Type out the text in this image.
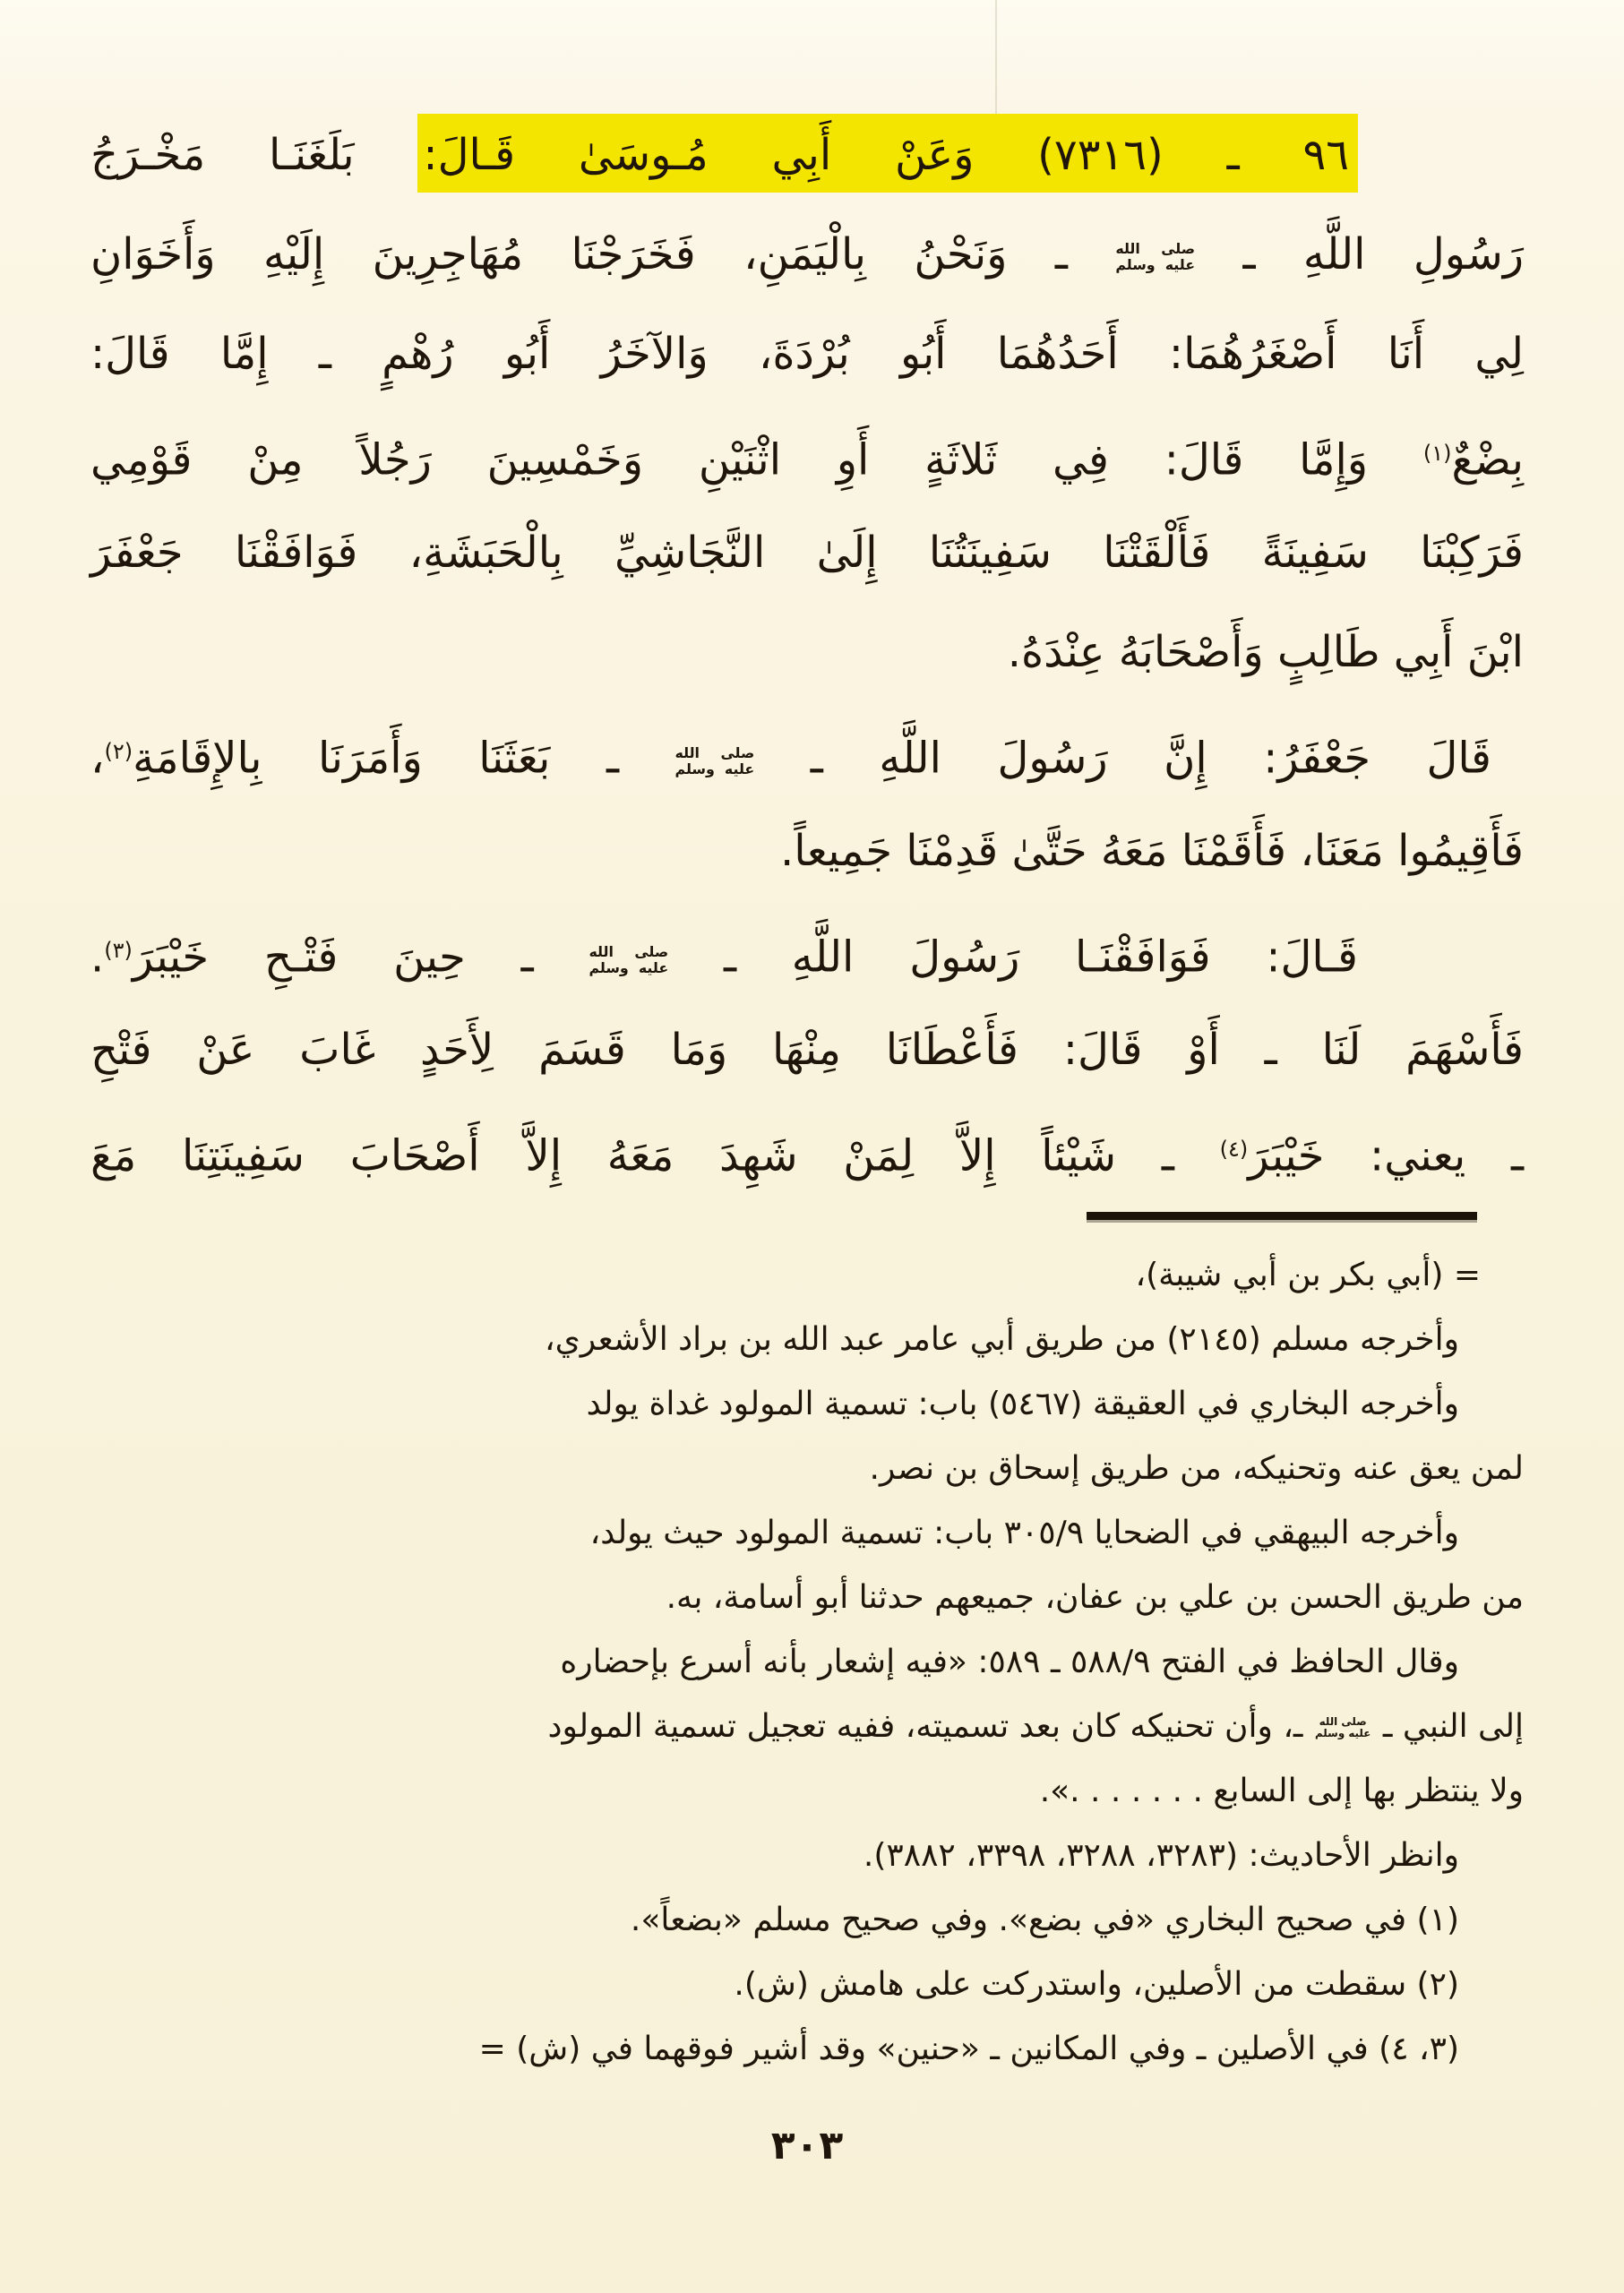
٩٦ ـ (٧٣١٦) وَعَنْ أَبِي مُـوسَىٰ قَـالَ: بَلَغَنَـا مَخْـرَجُ
رَسُولِ اللَّهِ ـ
صلى الله
عليه وسلم
ـ وَنَحْنُ بِالْيَمَنِ، فَخَرَجْنَا مُهَاجِرِينَ إِلَيْهِ وَأَخَوَانِ
لِي أَنَا أَصْغَرُهُمَا: أَحَدُهُمَا أَبُو بُرْدَةَ، وَالآخَرُ أَبُو رُهْمٍ ـ إِمَّا قَالَ:
بِضْعٌ$^{(١)}$ وَإِمَّا قَالَ: فِي ثَلاثَةٍ أَوِ اثْنَيْنِ وَخَمْسِينَ رَجُلاً مِنْ قَوْمِي
فَرَكِبْنَا سَفِينَةً فَأَلْقَتْنَا سَفِينَتُنَا إِلَىٰ النَّجَاشِيِّ بِالْحَبَشَةِ، فَوَافَقْنَا جَعْفَرَ
ابْنَ أَبِي طَالِبٍ وَأَصْحَابَهُ عِنْدَهُ.
قَالَ جَعْفَرُ: إِنَّ رَسُولَ اللَّهِ ـ
صلى الله
عليه وسلم
ـ بَعَثَنَا وَأَمَرَنَا بِالإِقَامَةِ$^{(٢)}$،
فَأَقِيمُوا مَعَنَا، فَأَقَمْنَا مَعَهُ حَتَّىٰ قَدِمْنَا جَمِيعاً.
قَـالَ: فَوَافَقْنَـا رَسُولَ اللَّهِ ـ
صلى الله
عليه وسلم
ـ حِينَ فَتْـحِ خَيْبَرَ$^{(٣)}$.
فَأَسْهَمَ لَنَا ـ أَوْ قَالَ: فَأَعْطَانَا مِنْهَا وَمَا قَسَمَ لِأَحَدٍ غَابَ عَنْ فَتْحِ
ـ يعني: خَيْبَرَ$^{(٤)}$ ـ شَيْئاً إِلاَّ لِمَنْ شَهِدَ مَعَهُ إِلاَّ أَصْحَابَ سَفِينَتِنَا مَعَ
= (أبي بكر بن أبي شيبة)،
وأخرجه مسلم (٢١٤٥) من طريق أبي عامر عبد الله بن براد الأشعري،
وأخرجه البخاري في العقيقة (٥٤٦٧) باب: تسمية المولود غداة يولد
لمن يعق عنه وتحنيكه، من طريق إسحاق بن نصر.
وأخرجه البيهقي في الضحايا ٣٠٥/٩ باب: تسمية المولود حيث يولد،
من طريق الحسن بن علي بن عفان، جميعهم حدثنا أبو أسامة، به.
وقال الحافظ في الفتح ٥٨٨/٩ ـ ٥٨٩: «فيه إشعار بأنه أسرع بإحضاره
إلى النبي ـ
صلى الله
عليه وسلم
ـ، وأن تحنيكه كان بعد تسميته، ففيه تعجيل تسمية المولود
ولا ينتظر بها إلى السابع . . . . . . .».
وانظر الأحاديث: (٣٢٨٣، ٣٢٨٨، ٣٣٩٨، ٣٨٨٢).
(١) في صحيح البخاري «في بضع». وفي صحيح مسلم «بضعاً».
(٢) سقطت من الأصلين، واستدركت على هامش (ش).
(٣، ٤) في الأصلين ـ وفي المكانين ـ «حنين» وقد أشير فوقهما في (ش) =
٣٠٣
